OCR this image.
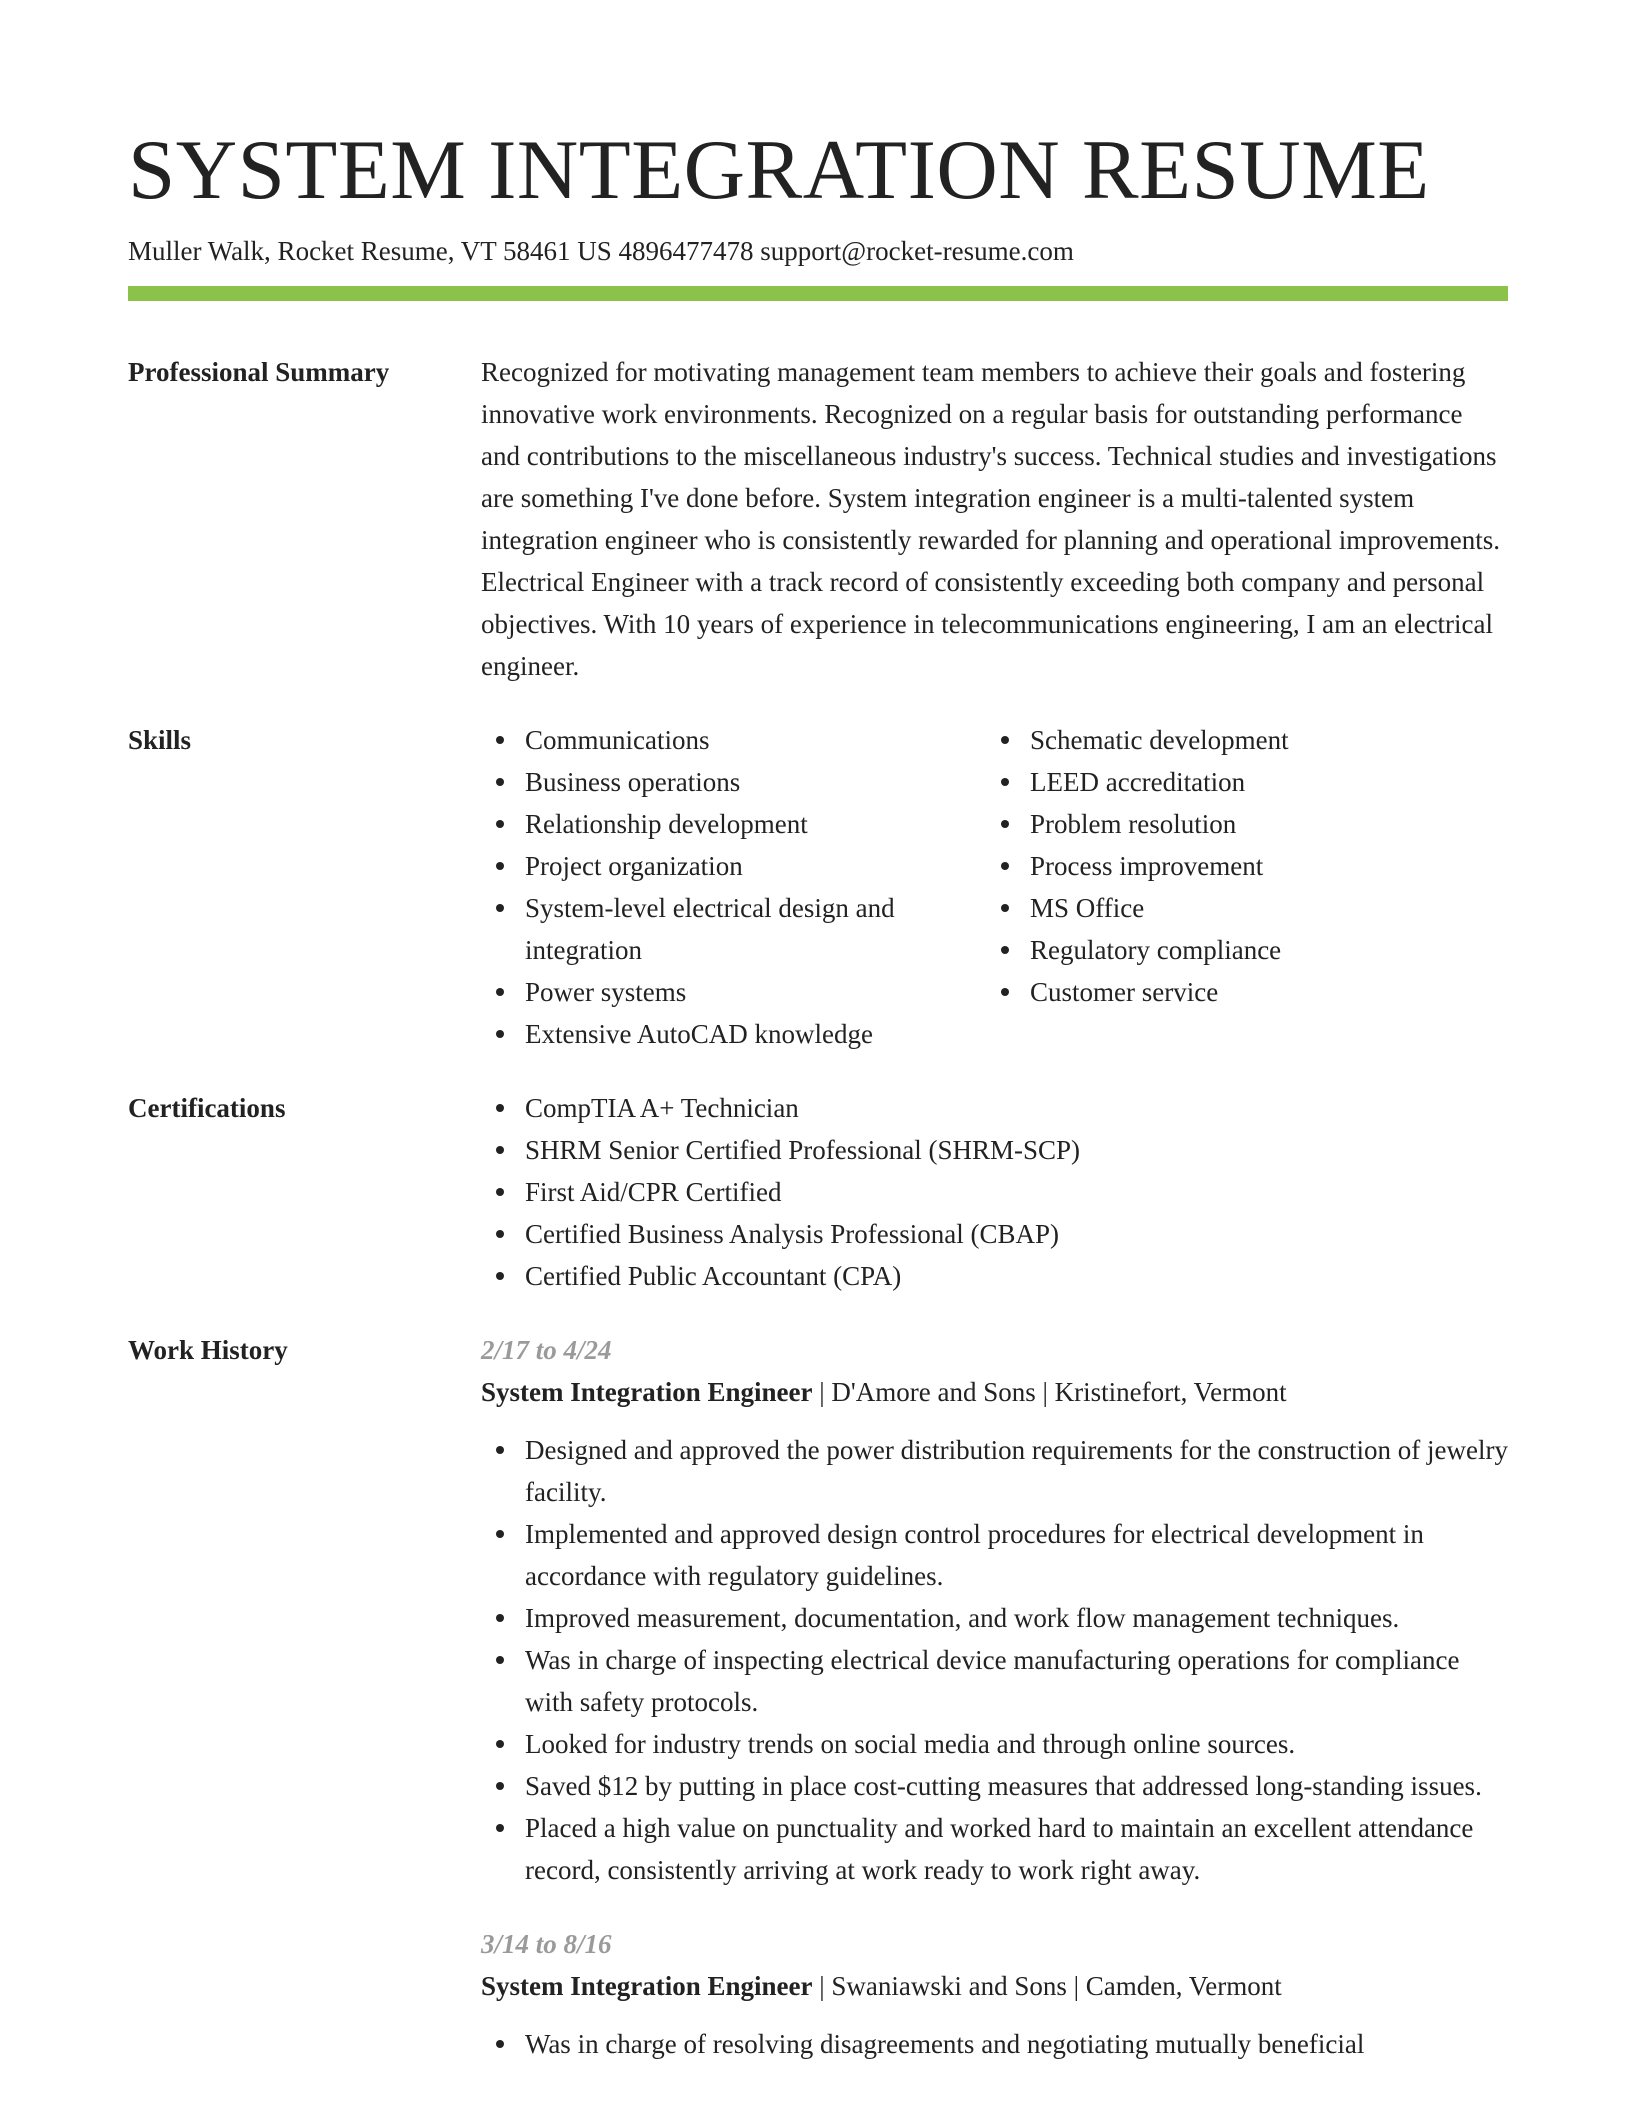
SYSTEM INTEGRATION RESUME
Muller Walk, Rocket Resume, VT 58461 US 4896477478 support@rocket-resume.com
Professional Summary	Recognized for motivating management team members to achieve their goals and fostering innovative work environments. Recognized on a regular basis for outstanding performance and contributions to the miscellaneous industry's success. Technical studies and investigations are something I've done before. System integration engineer is a multi-talented system integration engineer who is consistently rewarded for planning and operational improvements. Electrical Engineer with a track record of consistently exceeding both company and personal objectives. With 10 years of experience in telecommunications engineering, I am an electrical engineer.
Skills	Communications
Business operations
Relationship development
Project organization
System-level electrical design and integration
Power systems
Extensive AutoCAD knowledge
Schematic development
LEED accreditation
Problem resolution
Process improvement
MS Office
Regulatory compliance
Customer service
Certifications	CompTIA A+ Technician
SHRM Senior Certified Professional (SHRM-SCP)
First Aid/CPR Certified
Certified Business Analysis Professional (CBAP)
Certified Public Accountant (CPA)
Work History	2/17 to 4/24
System Integration Engineer | D'Amore and Sons | Kristinefort, Vermont
Designed and approved the power distribution requirements for the construction of jewelry facility.
Implemented and approved design control procedures for electrical development in accordance with regulatory guidelines.
Improved measurement, documentation, and work flow management techniques.
Was in charge of inspecting electrical device manufacturing operations for compliance with safety protocols.
Looked for industry trends on social media and through online sources.
Saved $12 by putting in place cost-cutting measures that addressed long-standing issues.
Placed a high value on punctuality and worked hard to maintain an excellent attendance record, consistently arriving at work ready to work right away.
3/14 to 8/16
System Integration Engineer | Swaniawski and Sons | Camden, Vermont
Was in charge of resolving disagreements and negotiating mutually beneficial
